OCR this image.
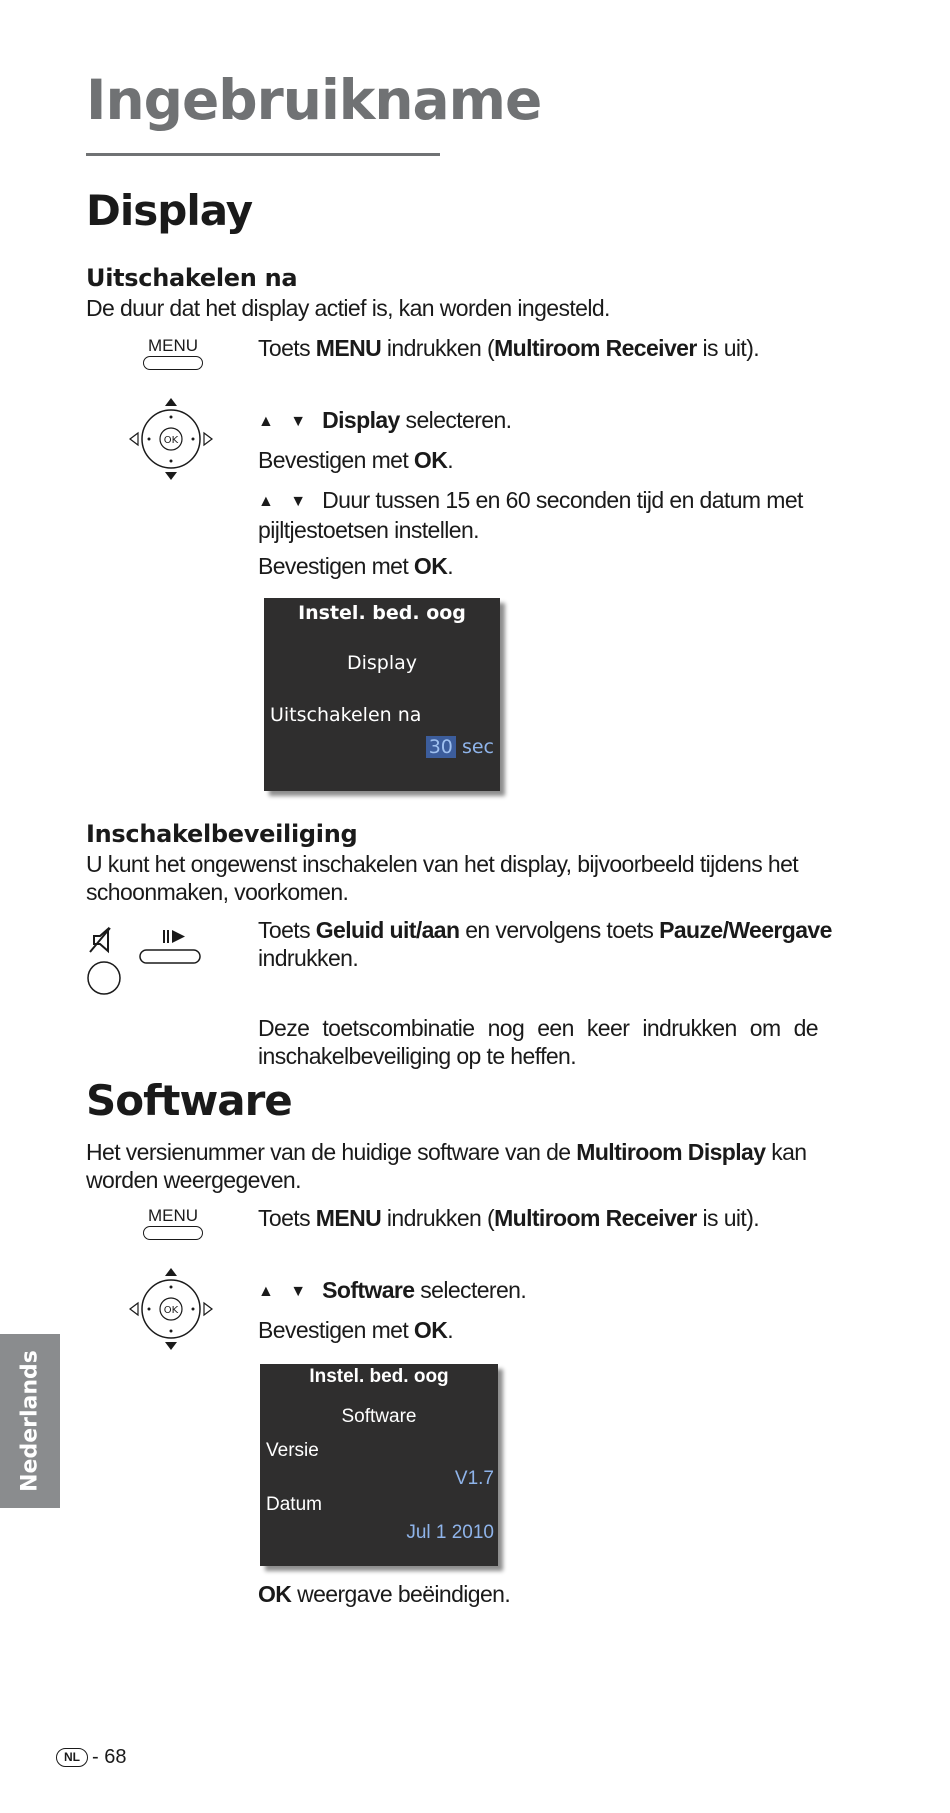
Ingebruikname
Display
Uitschakelen na

De duur dat het display actief is, kan worden ingesteld.

MENU	Toets MENU indrukken (Multiroom Receiver is uit).

OK

▲ ▼ Display selecteren.

Bevestigen met OK.

▲ ▼ Duur tussen 15 en 60 seconden tijd en datum met pijltjestoetsen instellen.

Bevestigen met OK.

Instel. bed. oog
Display
Uitschakelen na
30 sec
Inschakelbeveiliging

U kunt het ongewenst inschakelen van het display, bijvoorbeeld tijdens het schoonmaken, voorkomen.

Toets Geluid uit/aan en vervolgens toets Pauze/Weergave indrukken.

Deze toetscombinatie nog een keer indrukken om de inschakelbeveiliging op te heffen.

Software

Het versienummer van de huidige software van de Multiroom Display kan worden weergegeven.

MENU	Toets MENU indrukken (Multiroom Receiver is uit).

OK

▲ ▼ Software selecteren.

Bevestigen met OK.

Instel. bed. oog
Software
Versie
V1.7
Datum
Jul 1 2010

OK weergave beëindigen.

Nederlands
NL - 68
